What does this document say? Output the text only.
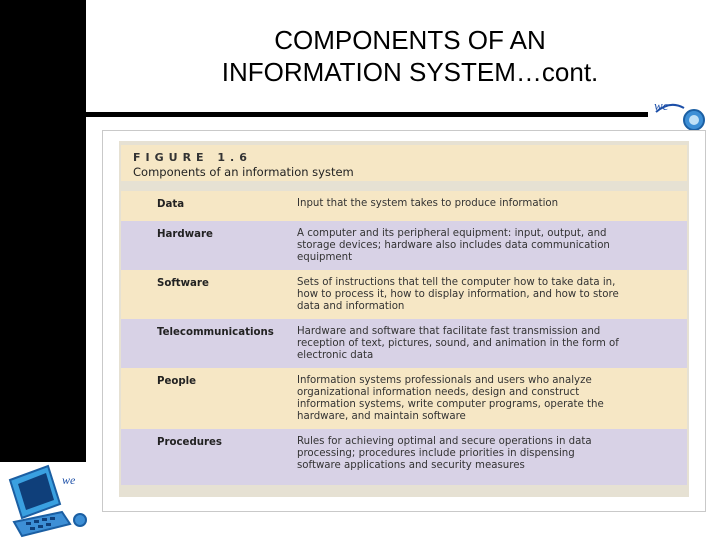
COMPONENTS OF AN
INFORMATION SYSTEM…cont.
we
we
FIGURE 1.6
Components of an information system
Data	Input that the system takes to produce information
Hardware	A computer and its peripheral equipment: input, output, and
storage devices; hardware also includes data communication
equipment
Software	Sets of instructions that tell the computer how to take data in,
how to process it, how to display information, and how to store
data and information
Telecommunications Hardware and software that facilitate fast transmission and
reception of text, pictures, sound, and animation in the form of
electronic data
People	Information systems professionals and users who analyze
organizational information needs, design and construct
information systems, write computer programs, operate the
hardware, and maintain software
Procedures	Rules for achieving optimal and secure operations in data
processing; procedures include priorities in dispensing
software applications and security measures
